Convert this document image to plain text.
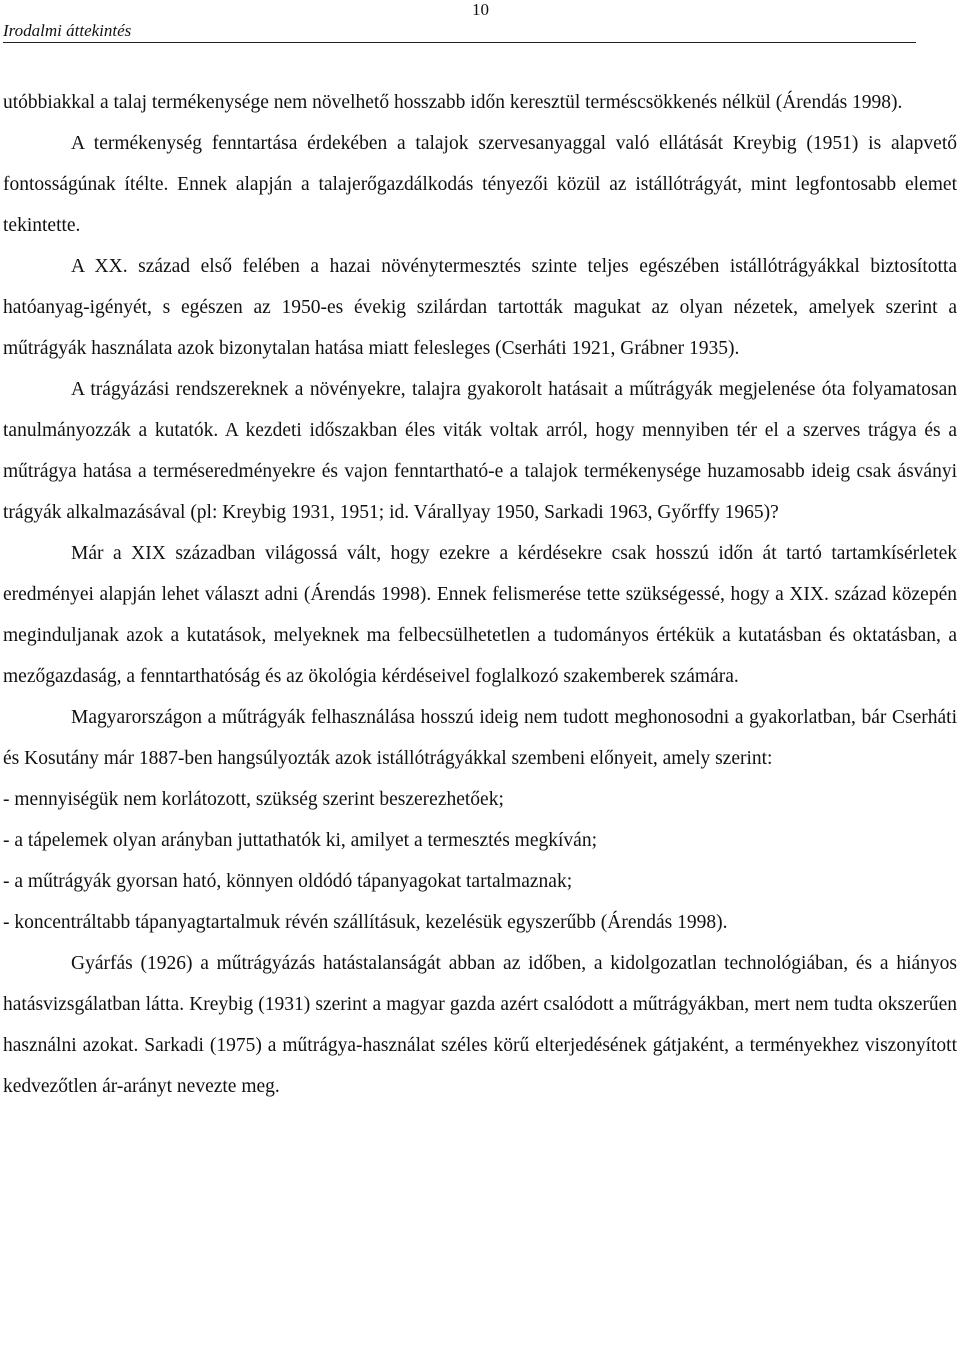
Irodalmi áttekintés
10

utóbbiakkal a talaj termékenysége nem növelhető hosszabb időn keresztül terméscsökkenés nélkül (Árendás 1998).

A termékenység fenntartása érdekében a talajok szervesanyaggal való ellátását Kreybig (1951) is alapvető fontosságúnak ítélte. Ennek alapján a talajerőgazdálkodás tényezői közül az istállótrágyát, mint legfontosabb elemet tekintette.

A XX. század első felében a hazai növénytermesztés szinte teljes egészében istállótrágyákkal biztosította hatóanyag-igényét, s egészen az 1950-es évekig szilárdan tartották magukat az olyan nézetek, amelyek szerint a műtrágyák használata azok bizonytalan hatása miatt felesleges (Cserháti 1921, Grábner 1935).

A trágyázási rendszereknek a növényekre, talajra gyakorolt hatásait a műtrágyák megjelenése óta folyamatosan tanulmányozzák a kutatók. A kezdeti időszakban éles viták voltak arról, hogy mennyiben tér el a szerves trágya és a műtrágya hatása a terméseredményekre és vajon fenntartható-e a talajok termékenysége huzamosabb ideig csak ásványi trágyák alkalmazásával (pl: Kreybig 1931, 1951; id. Várallyay 1950, Sarkadi 1963, Győrffy 1965)?

Már a XIX században világossá vált, hogy ezekre a kérdésekre csak hosszú időn át tartó tartamkísérletek eredményei alapján lehet választ adni (Árendás 1998). Ennek felismerése tette szükségessé, hogy a XIX. század közepén meginduljanak azok a kutatások, melyeknek ma felbecsülhetetlen a tudományos értékük a kutatásban és oktatásban, a mezőgazdaság, a fenntarthatóság és az ökológia kérdéseivel foglalkozó szakemberek számára.

Magyarországon a műtrágyák felhasználása hosszú ideig nem tudott meghonosodni a gyakorlatban, bár Cserháti és Kosutány már 1887-ben hangsúlyozták azok istállótrágyákkal szembeni előnyeit, amely szerint:

- mennyiségük nem korlátozott, szükség szerint beszerezhetőek;

- a tápelemek olyan arányban juttathatók ki, amilyet a termesztés megkíván;

- a műtrágyák gyorsan ható, könnyen oldódó tápanyagokat tartalmaznak;

- koncentráltabb tápanyagtartalmuk révén szállításuk, kezelésük egyszerűbb (Árendás 1998).

Gyárfás (1926) a műtrágyázás hatástalanságát abban az időben, a kidolgozatlan technológiában, és a hiányos hatásvizsgálatban látta. Kreybig (1931) szerint a magyar gazda azért csalódott a műtrágyákban, mert nem tudta okszerűen használni azokat. Sarkadi (1975) a műtrágya-használat széles körű elterjedésének gátjaként, a terményekhez viszonyított kedvezőtlen ár-arányt nevezte meg.
